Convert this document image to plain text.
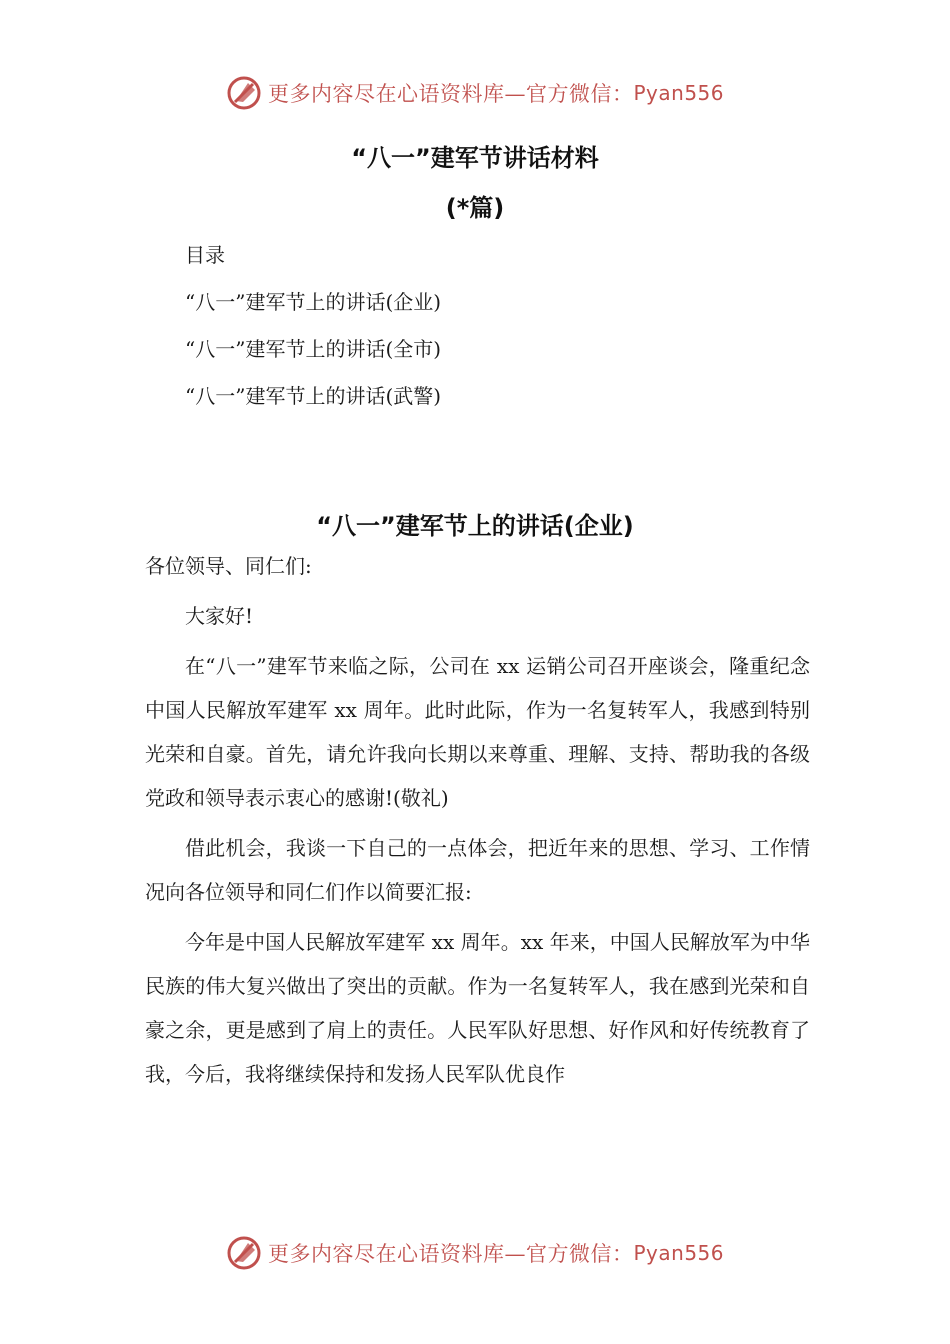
更多内容尽在心语资料库—官方微信： Pyan556
“八一”建军节讲话材料
(*篇)
目录
“八一”建军节上的讲话(企业)
“八一”建军节上的讲话(全市)
“八一”建军节上的讲话(武警)
“八一”建军节上的讲话(企业)

各位领导、同仁们:

大家好!

在“八一”建军节来临之际，公司在 xx 运销公司召开座谈会，隆重纪念中国人民解放军建军 xx 周年。此时此际，作为一名复转军人，我感到特别光荣和自豪。首先，请允许我向长期以来尊重、理解、支持、帮助我的各级党政和领导表示衷心的感谢!(敬礼)

借此机会，我谈一下自己的一点体会，把近年来的思想、学习、工作情况向各位领导和同仁们作以简要汇报:

今年是中国人民解放军建军 xx 周年。xx 年来，中国人民解放军为中华民族的伟大复兴做出了突出的贡献。作为一名复转军人，我在感到光荣和自豪之余，更是感到了肩上的责任。人民军队好思想、好作风和好传统教育了我，今后，我将继续保持和发扬人民军队优良作

更多内容尽在心语资料库—官方微信： Pyan556
